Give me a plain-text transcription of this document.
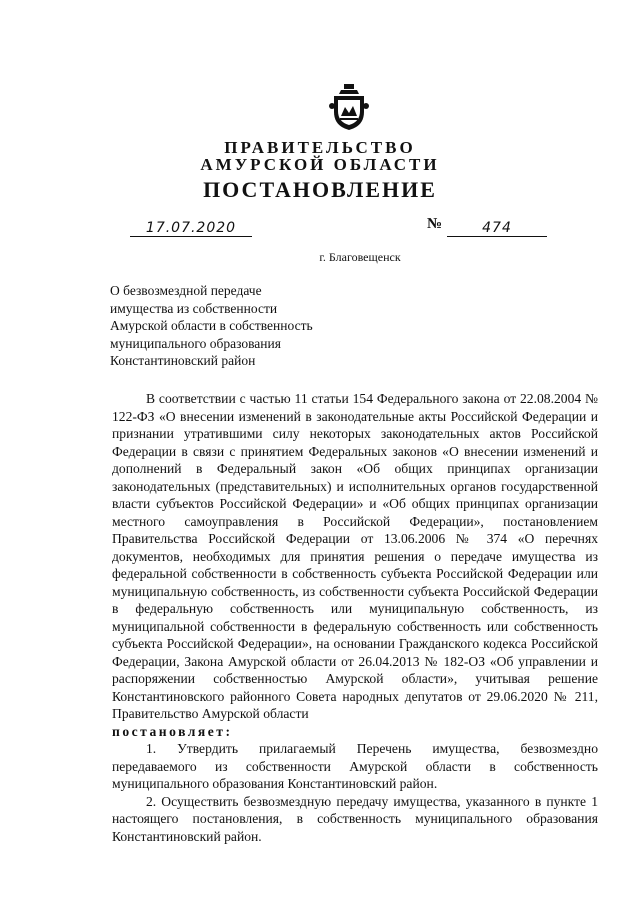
ПРАВИТЕЛЬСТВО
АМУРСКОЙ ОБЛАСТИ
ПОСТАНОВЛЕНИЕ
17.07.2020	№	474
г. Благовещенск
О безвозмездной передаче
имущества из собственности
Амурской области в собственность
муниципального образования
Константиновский район

В соответствии с частью 11 статьи 154 Федерального закона от 22.08.2004 № 122-ФЗ «О внесении изменений в законодательные акты Российской Федерации и признании утратившими силу некоторых законодательных актов Российской Федерации в связи с принятием Федеральных законов «О внесении изменений и дополнений в Федеральный закон «Об общих принципах организации законодательных (представительных) и исполнительных органов государственной власти субъектов Российской Федерации» и «Об общих принципах организации местного самоуправления в Российской Федерации», постановлением Правительства Российской Федерации от 13.06.2006 № 374 «О перечнях документов, необходимых для принятия решения о передаче имущества из федеральной собственности в собственность субъекта Российской Федерации или муниципальную собственность, из собственности субъекта Российской Федерации в федеральную собственность или муниципальную собственность, из муниципальной собственности в федеральную собственность или собственность субъекта Российской Федерации», на основании Гражданского кодекса Российской Федерации, Закона Амурской области от 26.04.2013 № 182-ОЗ «Об управлении и распоряжении собственностью Амурской области», учитывая решение Константиновского районного Совета народных депутатов от 29.06.2020 № 211, Правительство Амурской области

постановляет:

1. Утвердить прилагаемый Перечень имущества, безвозмездно передаваемого из собственности Амурской области в собственность муниципального образования Константиновский район.

2. Осуществить безвозмездную передачу имущества, указанного в пункте 1 настоящего постановления, в собственность муниципального образования Константиновский район.
